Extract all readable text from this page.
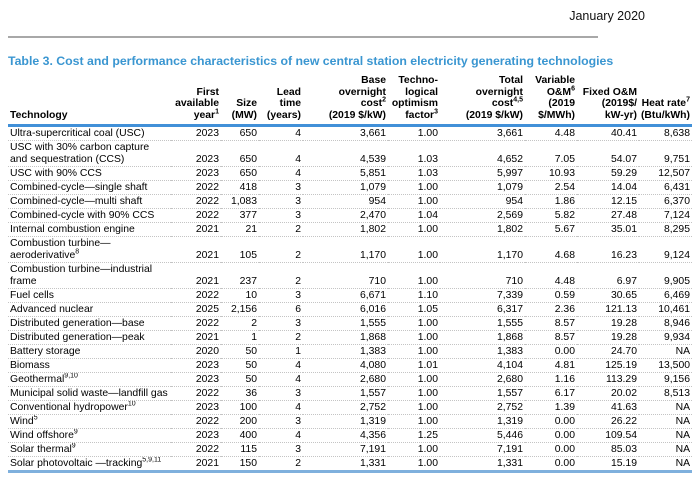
January 2020
Table 3. Cost and performance characteristics of new central station electricity generating technologies
Technology	First
available
year$^1$	Size
(MW)	Lead
time
(years)	Base
overnight
cost$^2$
(2019 $/kW)	Techno-
logical
optimism
factor$^3$	Total
overnight
cost$^{4,5}$
(2019 $/kW)	Variable
$O\&M^6$ (2019
$/MWh)	Fixed O&M
(2019$/
kW-yr)	Heat rate$^7$
(Btu/kWh)
Ultra-supercritical coal (USC)	2023	650	4	3,661	1.00	3,661	4.48	40.41	8,638
USC with 30% carbon capture and sequestration (CCS)	2023	650	4	4,539	1.03	4,652	7.05	54.07	9,751
USC with 90% CCS	2023	650	4	5,851	1.03	5,997	10.93	59.29	12,507
Combined-cycle—single shaft	2022	418	3	1,079	1.00	1,079	2.54	14.04	6,431
Combined-cycle—multi shaft	2022	1,083	3	954	1.00	954	1.86	12.15	6,370
Combined-cycle with 90% CCS	2022	377	3	2,470	1.04	2,569	5.82	27.48	7,124
Internal combustion engine	2021	21	2	1,802	1.00	1,802	5.67	35.01	8,295
Combustion turbine—aeroderivative$^8$	2021	105	2	1,170	1.00	1,170	4.68	16.23	9,124
Combustion turbine—industrial frame	2021	237	2	710	1.00	710	4.48	6.97	9,905
Fuel cells	2022	10	3	6,671	1.10	7,339	0.59	30.65	6,469
Advanced nuclear	2025	2,156	6	6,016	1.05	6,317	2.36	121.13	10,461
Distributed generation—base	2022	2	3	1,555	1.00	1,555	8.57	19.28	8,946
Distributed generation—peak	2021	1	2	1,868	1.00	1,868	8.57	19.28	9,934
Battery storage	2020	50	1	1,383	1.00	1,383	0.00	24.70	NA
Biomass	2023	50	4	4,080	1.01	4,104	4.81	125.19	13,500
Geothermal$^{9,10}$	2023	50	4	2,680	1.00	2,680	1.16	113.29	9,156
Municipal solid waste—landfill gas	2022	36	3	1,557	1.00	1,557	6.17	20.02	8,513
Conventional hydropower$^{10}$	2023	100	4	2,752	1.00	2,752	1.39	41.63	NA
Wind$^5$	2022	200	3	1,319	1.00	1,319	0.00	26.22	NA
Wind offshore$^9$	2023	400	4	4,356	1.25	5,446	0.00	109.54	NA
Solar thermal$^9$	2022	115	3	7,191	1.00	7,191	0.00	85.03	NA
Solar photovoltaic —tracking$^{5,9,11}$	2021	150	2	1,331	1.00	1,331	0.00	15.19	NA
